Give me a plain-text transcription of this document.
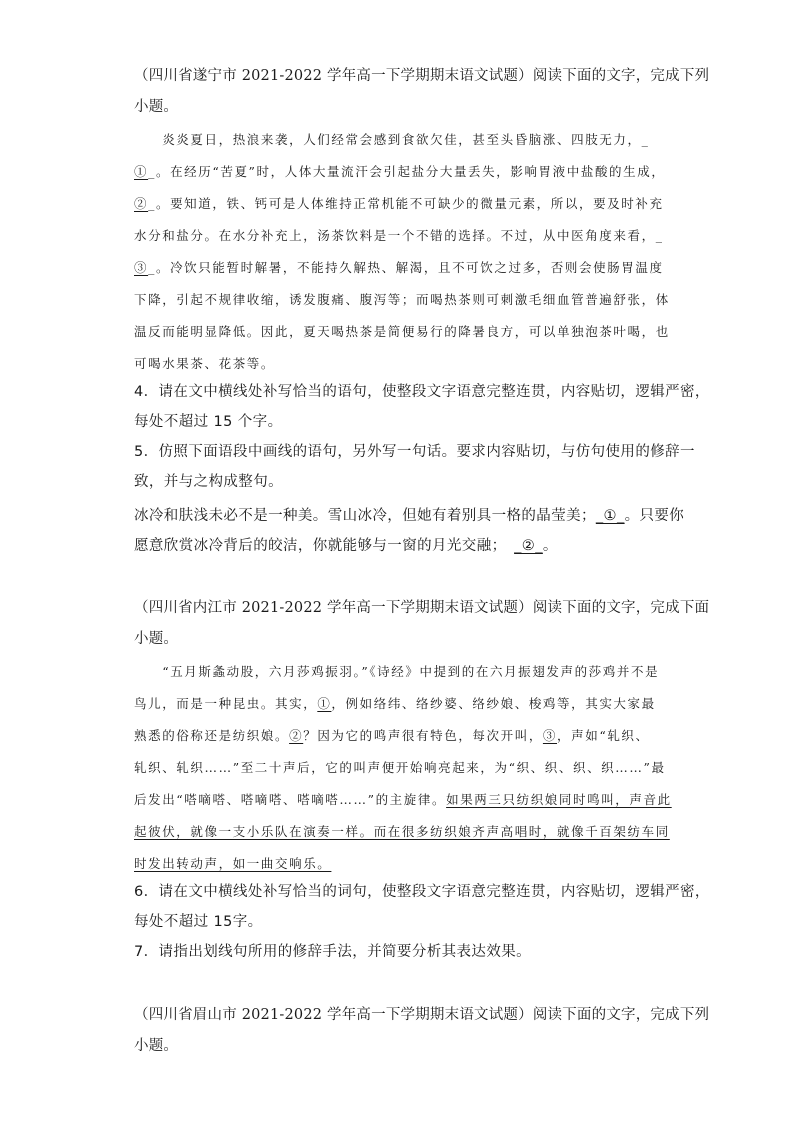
（四川省遂宁市 2021-2022 学年高一下学期期末语文试题）阅读下面的文字，完成下列
小题。
　　炎炎夏日，热浪来袭，人们经常会感到食欲欠佳，甚至头昏脑涨、四肢无力，_
①_。在经历“苦夏”时，人体大量流汗会引起盐分大量丢失，影响胃液中盐酸的生成，
②_。要知道，铁、钙可是人体维持正常机能不可缺少的微量元素，所以，要及时补充
水分和盐分。在水分补充上，汤茶饮料是一个不错的选择。不过，从中医角度来看，_
③_。冷饮只能暂时解暑，不能持久解热、解渴，且不可饮之过多，否则会使肠胃温度
下降，引起不规律收缩，诱发腹痛、腹泻等；而喝热茶则可刺激毛细血管普遍舒张，体
温反而能明显降低。因此，夏天喝热茶是简便易行的降暑良方，可以单独泡茶叶喝，也
可喝水果茶、花茶等。
4．请在文中横线处补写恰当的语句，使整段文字语意完整连贯，内容贴切，逻辑严密，
每处不超过 15 个字。
5．仿照下面语段中画线的语句，另外写一句话。要求内容贴切，与仿句使用的修辞一
致，并与之构成整句。
冰冷和肤浅未必不是一种美。雪山冰冷，但她有着别具一格的晶莹美；_①_。只要你
愿意欣赏冰冷背后的皎洁，你就能够与一窗的月光交融；　 _②_。
（四川省内江市 2021-2022 学年高一下学期期末语文试题）阅读下面的文字，完成下面
小题。
　　“五月斯螽动股，六月莎鸡振羽。”《诗经》中提到的在六月振翅发声的莎鸡并不是
鸟儿，而是一种昆虫。其实，①，例如络纬、络纱婆、络纱娘、梭鸡等，其实大家最
熟悉的俗称还是纺织娘。②？因为它的鸣声很有特色，每次开叫，③，声如“轧织、
轧织、轧织……”至二十声后，它的叫声便开始响亮起来，为“织、织、织、织……”最
后发出“嗒嘀嗒、嗒嘀嗒、嗒嘀嗒……”的主旋律。如果两三只纺织娘同时鸣叫，声音此
起彼伏，就像一支小乐队在演奏一样。而在很多纺织娘齐声高唱时，就像千百架纺车同
时发出转动声，如一曲交响乐。
6．请在文中横线处补写恰当的词句，使整段文字语意完整连贯，内容贴切，逻辑严密，
每处不超过 15字。
7．请指出划线句所用的修辞手法，并简要分析其表达效果。
（四川省眉山市 2021-2022 学年高一下学期期末语文试题）阅读下面的文字，完成下列
小题。
